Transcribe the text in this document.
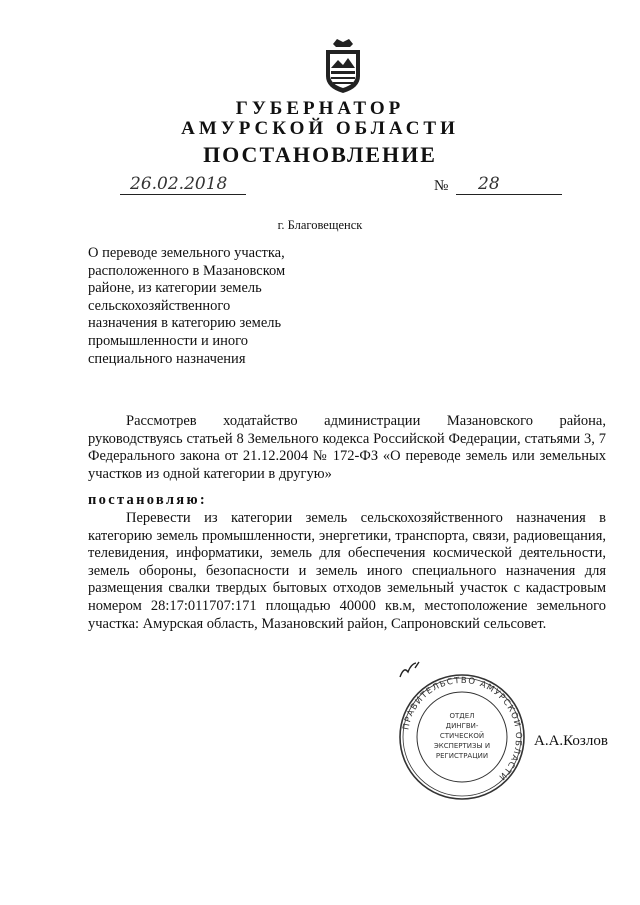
ГУБЕРНАТОР
АМУРСКОЙ ОБЛАСТИ
ПОСТАНОВЛЕНИЕ
26.02.2018	№	28
г. Благовещенск
О переводе земельного участка,
расположенного в Мазановском
районе, из категории земель
сельскохозяйственного
назначения в категорию земель
промышленности и иного
специального назначения
Рассмотрев ходатайство администрации Мазановского района, руководствуясь статьей 8 Земельного кодекса Российской Федерации, статьями 3, 7 Федерального закона от 21.12.2004 № 172-ФЗ «О переводе земель или земельных участков из одной категории в другую»
постановляю:
Перевести из категории земель сельскохозяйственного назначения в категорию земель промышленности, энергетики, транспорта, связи, радиовещания, телевидения, информатики, земель для обеспечения космической деятельности, земель обороны, безопасности и земель иного специального назначения для размещения свалки твердых бытовых отходов земельный участок с кадастровым номером 28:17:011707:171 площадью 40000 кв.м, местоположение земельного участка: Амурская область, Мазановский район, Сапроновский сельсовет.
ПРАВИТЕЛЬСТВО АМУРСКОЙ ОБЛАСТИ
ОТДЕЛ
ДИНГВИ-
СТИЧЕСКОЙ
ЭКСПЕРТИЗЫ И
РЕГИСТРАЦИИ
А.А.Козлов
